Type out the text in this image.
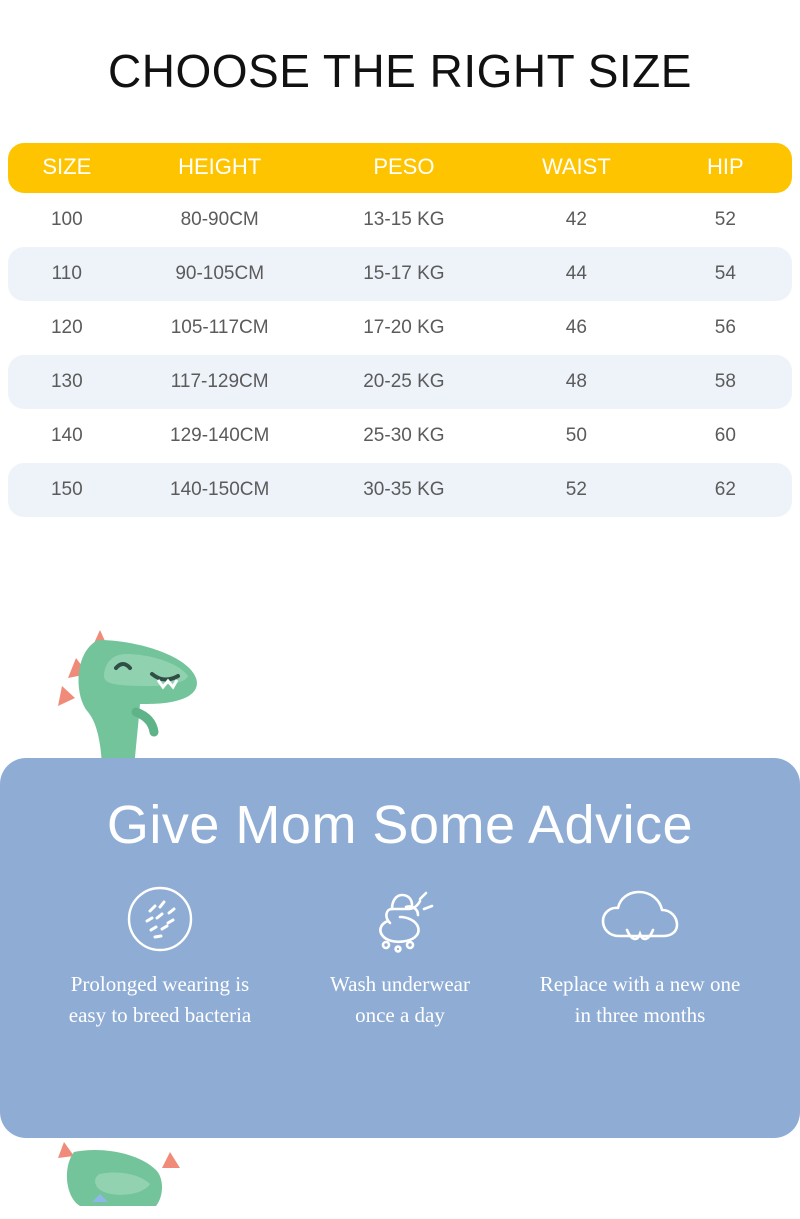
CHOOSE THE RIGHT SIZE
SIZE	HEIGHT	PESO	WAIST	HIP
100	80-90CM	13-15 KG	42	52
110	90-105CM	15-17 KG	44	54
120	105-117CM	17-20 KG	46	56
130	117-129CM	20-25 KG	48	58
140	129-140CM	25-30 KG	50	60
150	140-150CM	30-35 KG	52	62
Give Mom Some Advice
Prolonged wearing is
easy to breed bacteria
Wash underwear
once a day
Replace with a new one
in three months
